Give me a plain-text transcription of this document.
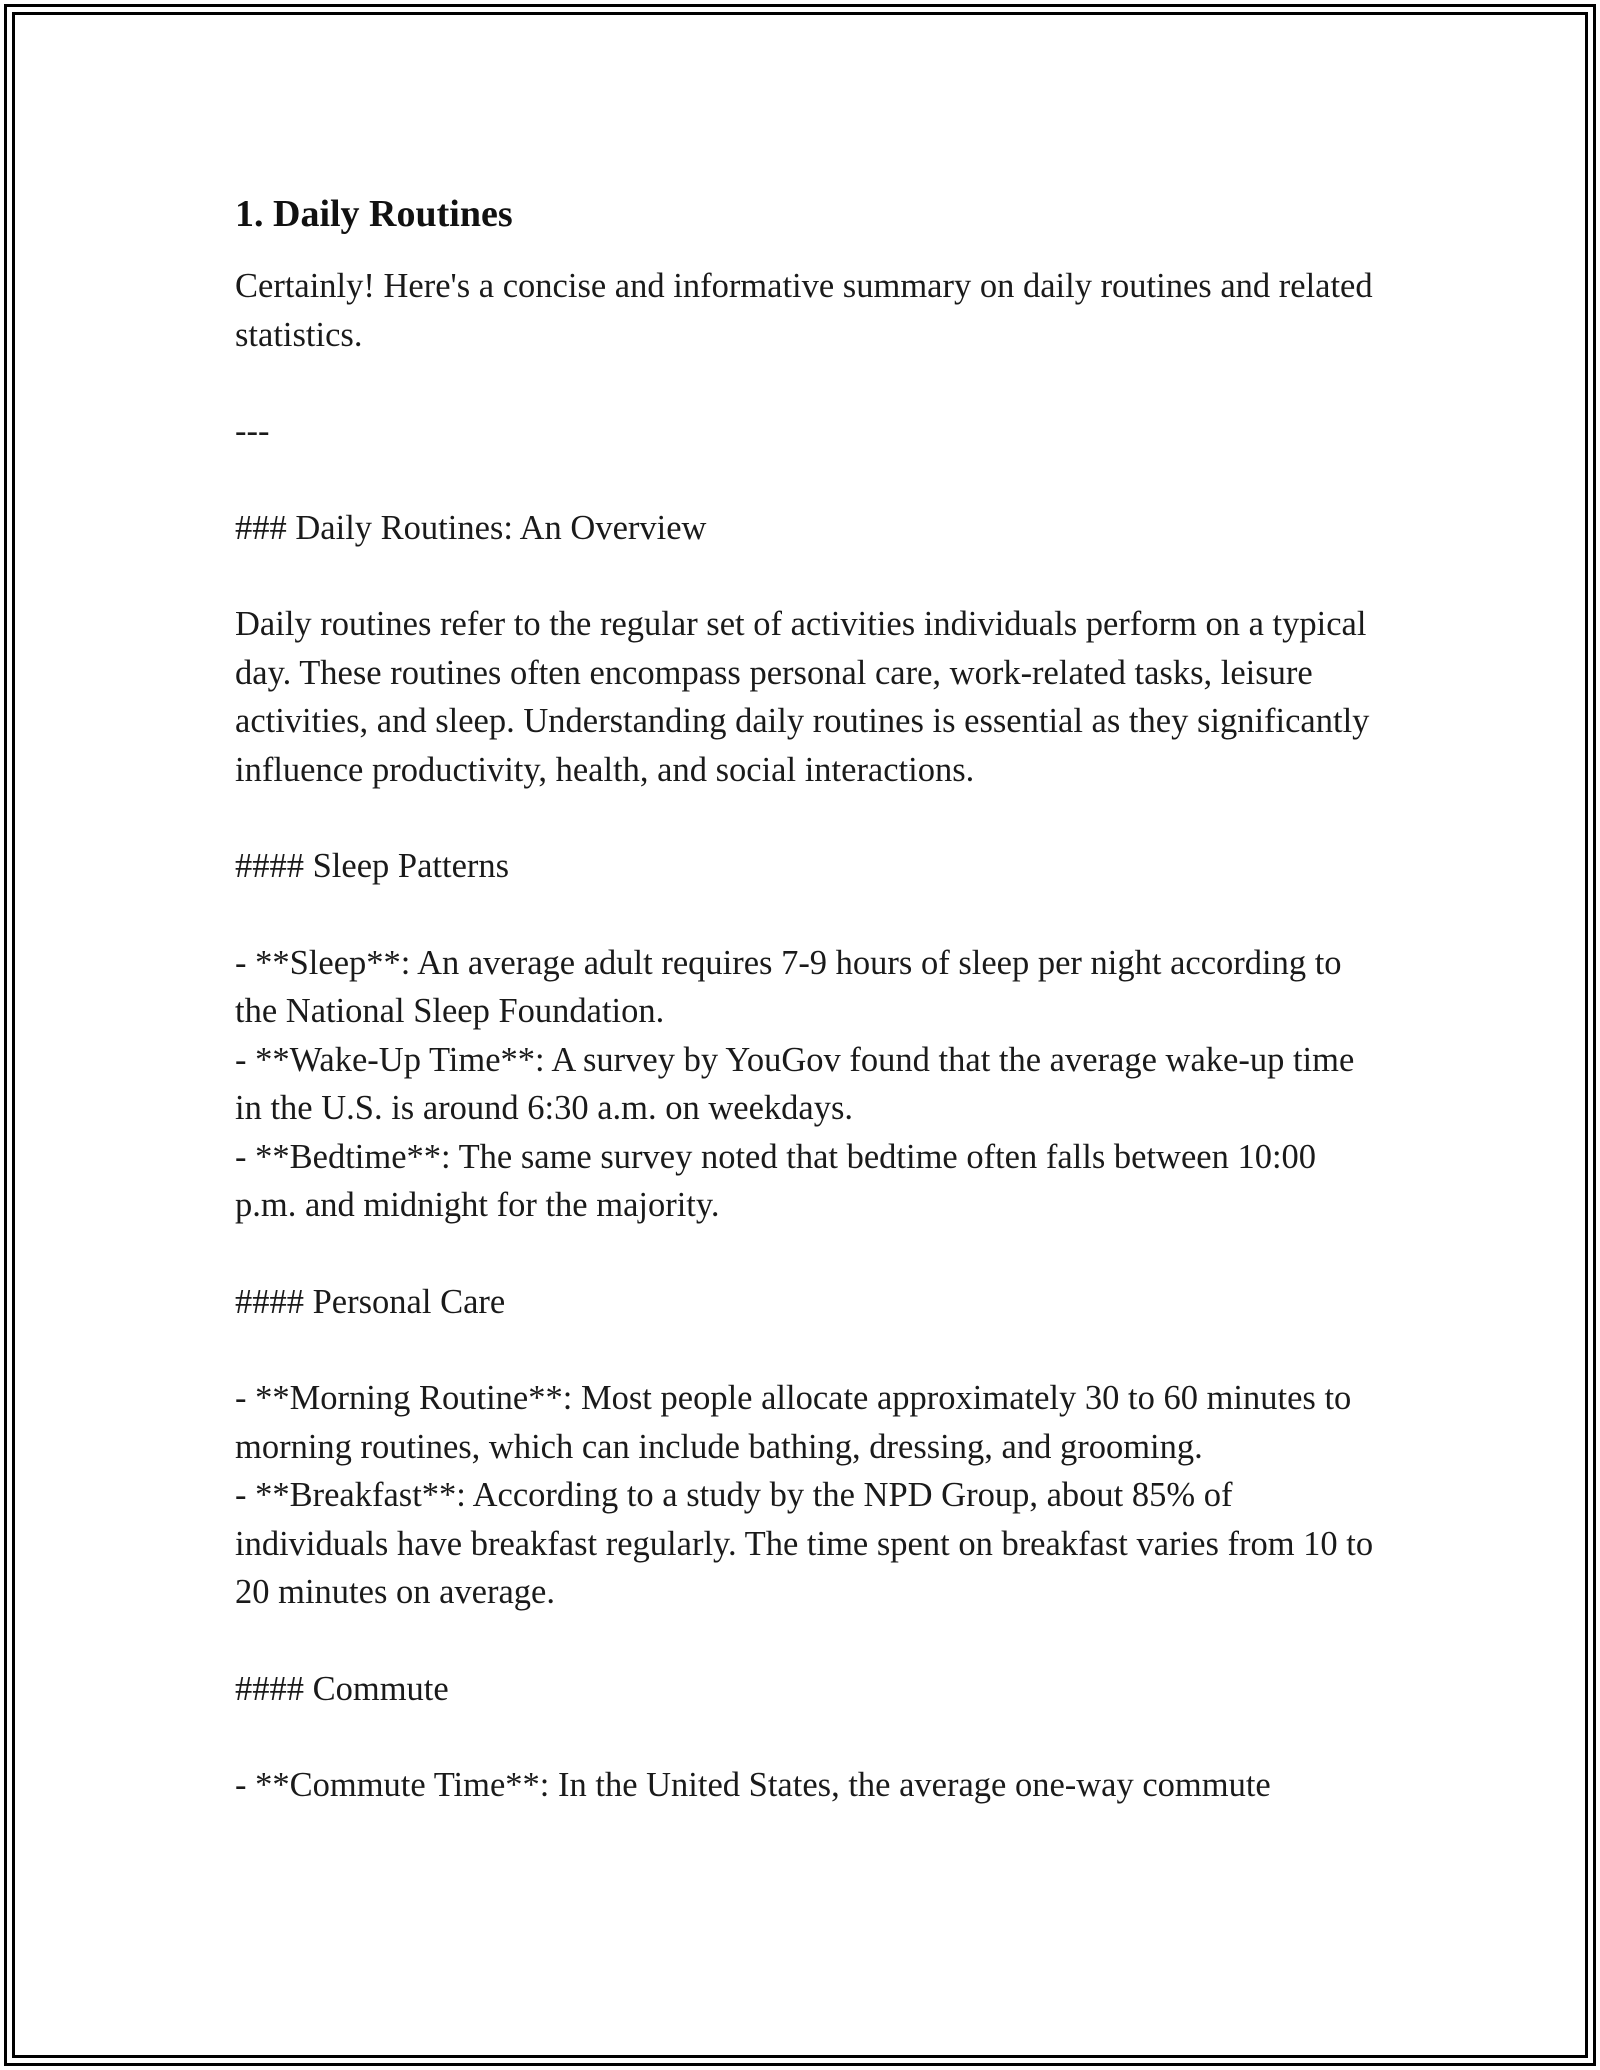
1. Daily Routines

Certainly! Here's a concise and informative summary on daily routines and related statistics.

---

### Daily Routines: An Overview

Daily routines refer to the regular set of activities individuals perform on a typical day. These routines often encompass personal care, work-related tasks, leisure activities, and sleep. Understanding daily routines is essential as they significantly influence productivity, health, and social interactions.

#### Sleep Patterns

- **Sleep**: An average adult requires 7-9 hours of sleep per night according to the National Sleep Foundation.
- **Wake-Up Time**: A survey by YouGov found that the average wake-up time in the U.S. is around 6:30 a.m. on weekdays.
- **Bedtime**: The same survey noted that bedtime often falls between 10:00 p.m. and midnight for the majority.

#### Personal Care

- **Morning Routine**: Most people allocate approximately 30 to 60 minutes to morning routines, which can include bathing, dressing, and grooming.
- **Breakfast**: According to a study by the NPD Group, about 85% of individuals have breakfast regularly. The time spent on breakfast varies from 10 to 20 minutes on average.

#### Commute

- **Commute Time**: In the United States, the average one-way commute
